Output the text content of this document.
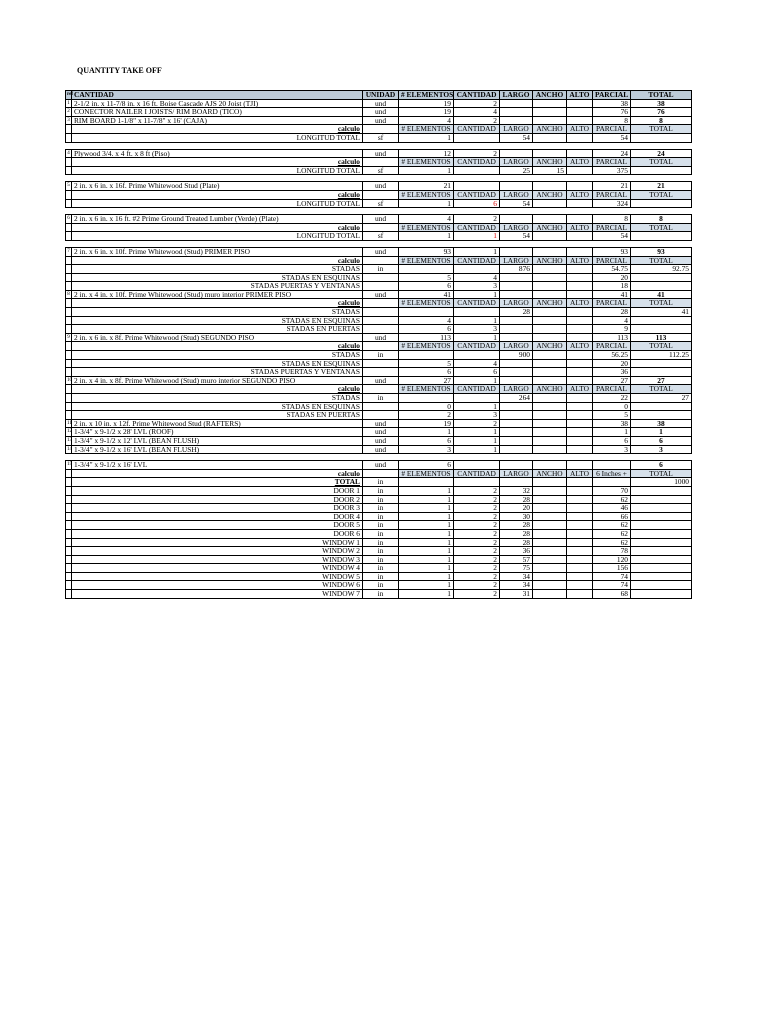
QUANTITY TAKE OFF
ref	CANTIDAD	UNIDAD	# ELEMENTOS	CANTIDAD	LARGO	ANCHO	ALTO	PARCIAL	TOTAL
1	2-1/2 in. x 11-7/8 in. x 16 ft. Boise Cascade AJS 20 Joist (TJI)	und	19	2				38	38
2	CONECTOR NAILER I JOISTS/ RIM BOARD (TICO)	und	19	4				76	76
3	RIM BOARD 1-1/8" x 11-7/8" x 16' (CAJA)	und	4	2				8	8
	calculo		# ELEMENTOS	CANTIDAD	LARGO	ANCHO	ALTO	PARCIAL	TOTAL
	LONGITUD TOTAL	sf	1		54			54	

4	Plywood 3/4. x 4 ft. x 8 ft (Piso)	und	12	2				24	24
	calculo		# ELEMENTOS	CANTIDAD	LARGO	ANCHO	ALTO	PARCIAL	TOTAL
	LONGITUD TOTAL	sf	1		25	15		375	

5	2 in. x 6 in. x 16f. Prime Whitewood Stud (Plate)	und	21					21	21
	calculo		# ELEMENTOS	CANTIDAD	LARGO	ANCHO	ALTO	PARCIAL	TOTAL
	LONGITUD TOTAL	sf	1	6	54			324	

6	2 in. x 6 in. x 16 ft. #2 Prime Ground Treated Lumber (Verde) (Plate)	und	4	2				8	8
	calculo		# ELEMENTOS	CANTIDAD	LARGO	ANCHO	ALTO	PARCIAL	TOTAL
	LONGITUD TOTAL	sf	1	1	54			54	

7	2 in. x 6 in. x 10f. Prime Whitewood (Stud) PRIMER PISO	und	93	1				93	93
	calculo		# ELEMENTOS	CANTIDAD	LARGO	ANCHO	ALTO	PARCIAL	TOTAL
	STADAS	in			876			54.75	92.75
	STADAS EN ESQUINAS		5	4				20	
	STADAS PUERTAS Y VENTANAS		6	3				18	
8	2 in. x 4 in. x 10f. Prime Whitewood (Stud) muro interior PRIMER PISO	und	41	1				41	41
	calculo		# ELEMENTOS	CANTIDAD	LARGO	ANCHO	ALTO	PARCIAL	TOTAL
	STADAS				28			28	41
	STADAS EN ESQUINAS		4	1				4	
	STADAS EN PUERTAS		6	3				9	
9	2 in. x 6 in. x 8f. Prime Whitewood (Stud) SEGUNDO PISO	und	113	1				113	113
	calculo		# ELEMENTOS	CANTIDAD	LARGO	ANCHO	ALTO	PARCIAL	TOTAL
	STADAS	in			900			56.25	112.25
	STADAS EN ESQUINAS		5	4				20	
	STADAS PUERTAS Y VENTANAS		6	6				36	
10	2 in. x 4 in. x 8f. Prime Whitewood (Stud) muro interior SEGUNDO PISO	und	27	1				27	27
	calculo		# ELEMENTOS	CANTIDAD	LARGO	ANCHO	ALTO	PARCIAL	TOTAL
	STADAS	in			264			22	27
	STADAS EN ESQUINAS		0	1				0	
	STADAS EN PUERTAS		2	3				5	
11	2 in. x 10 in. x 12f. Prime Whitewood Stud (RAFTERS)	und	19	2				38	38
12	1-3/4" x 9-1/2 x 28' LVL (ROOF)	und	1	1				1	1
13	1-3/4" x 9-1/2 x 12' LVL (BEAN FLUSH)	und	6	1				6	6
14	1-3/4" x 9-1/2 x 16' LVL (BEAN FLUSH)	und	3	1				3	3

15	1-3/4" x 9-1/2 x 16' LVL	und	6						6
	calculo		# ELEMENTOS	CANTIDAD	LARGO	ANCHO	ALTO	6 Inches +	TOTAL
	TOTAL	in							1000
	DOOR 1	in	1	2	32			70	
	DOOR 2	in	1	2	28			62	
	DOOR 3	in	1	2	20			46	
	DOOR 4	in	1	2	30			66	
	DOOR 5	in	1	2	28			62	
	DOOR 6	in	1	2	28			62	
	WINDOW 1	in	1	2	28			62	
	WINDOW 2	in	1	2	36			78	
	WINDOW 3	in	1	2	57			120	
	WINDOW 4	in	1	2	75			156	
	WINDOW 5	in	1	2	34			74	
	WINDOW 6	in	1	2	34			74	
	WINDOW 7	in	1	2	31			68	
